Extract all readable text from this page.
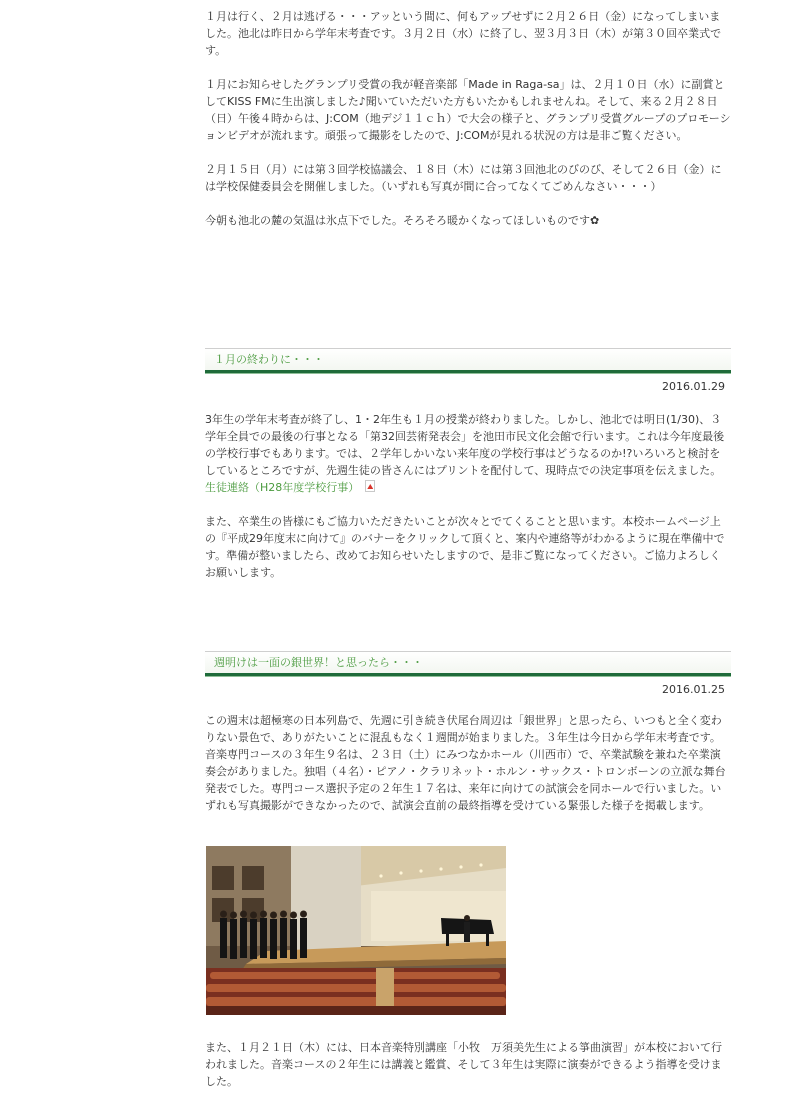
１月は行く、２月は逃げる・・・アッという間に、何もアップせずに２月２６日（金）になってしまいました。池北は昨日から学年末考査です。３月２日（水）に終了し、翌３月３日（木）が第３０回卒業式です。

１月にお知らせしたグランプリ受賞の我が軽音楽部「Made in Raga-sa」は、２月１０日（水）に副賞としてKISS FMに生出演しました♪聞いていただいた方もいたかもしれませんね。そして、来る２月２８日（日）午後４時からは、J:COM（地デジ１１ｃｈ）で大会の様子と、グランプリ受賞グループのプロモーションビデオが流れます。頑張って撮影をしたので、J:COMが見れる状況の方は是非ご覧ください。

２月１５日（月）には第３回学校協議会、１８日（木）には第３回池北のびのび、そして２６日（金）には学校保健委員会を開催しました。（いずれも写真が間に合ってなくてごめんなさい・・・）

今朝も池北の麓の気温は氷点下でした。そろそろ暖かくなってほしいものです✿

１月の終わりに・・・
2016.01.29

3年生の学年末考査が終了し、1・2年生も１月の授業が終わりました。しかし、池北では明日(1/30)、３学年全員での最後の行事となる「第32回芸術発表会」を池田市民文化会館で行います。これは今年度最後の学校行事でもあります。では、２学年しかいない来年度の学校行事はどうなるのか!?いろいろと検討をしているところですが、先週生徒の皆さんにはプリントを配付して、現時点での決定事項を伝えました。生徒連絡（H28年度学校行事）

また、卒業生の皆様にもご協力いただきたいことが次々とでてくることと思います。本校ホームページ上の『平成29年度末に向けて』のバナーをクリックして頂くと、案内や連絡等がわかるように現在準備中です。準備が整いましたら、改めてお知らせいたしますので、是非ご覧になってください。ご協力よろしくお願いします。

週明けは一面の銀世界！と思ったら・・・
2016.01.25

この週末は超極寒の日本列島で、先週に引き続き伏尾台周辺は「銀世界」と思ったら、いつもと全く変わりない景色で、ありがたいことに混乱もなく１週間が始まりました。３年生は今日から学年末考査です。音楽専門コースの３年生９名は、２３日（土）にみつなかホール（川西市）で、卒業試験を兼ねた卒業演奏会がありました。独唱（４名）・ピアノ・クラリネット・ホルン・サックス・トロンボーンの立派な舞台発表でした。専門コース選択予定の２年生１７名は、来年に向けての試演会を同ホールで行いました。いずれも写真撮影ができなかったので、試演会直前の最終指導を受けている緊張した様子を掲載します。

また、１月２１日（木）には、日本音楽特別講座「小牧　万須美先生による箏曲演習」が本校において行われました。音楽コースの２年生には講義と鑑賞、そして３年生は実際に演奏ができるよう指導を受けました。
